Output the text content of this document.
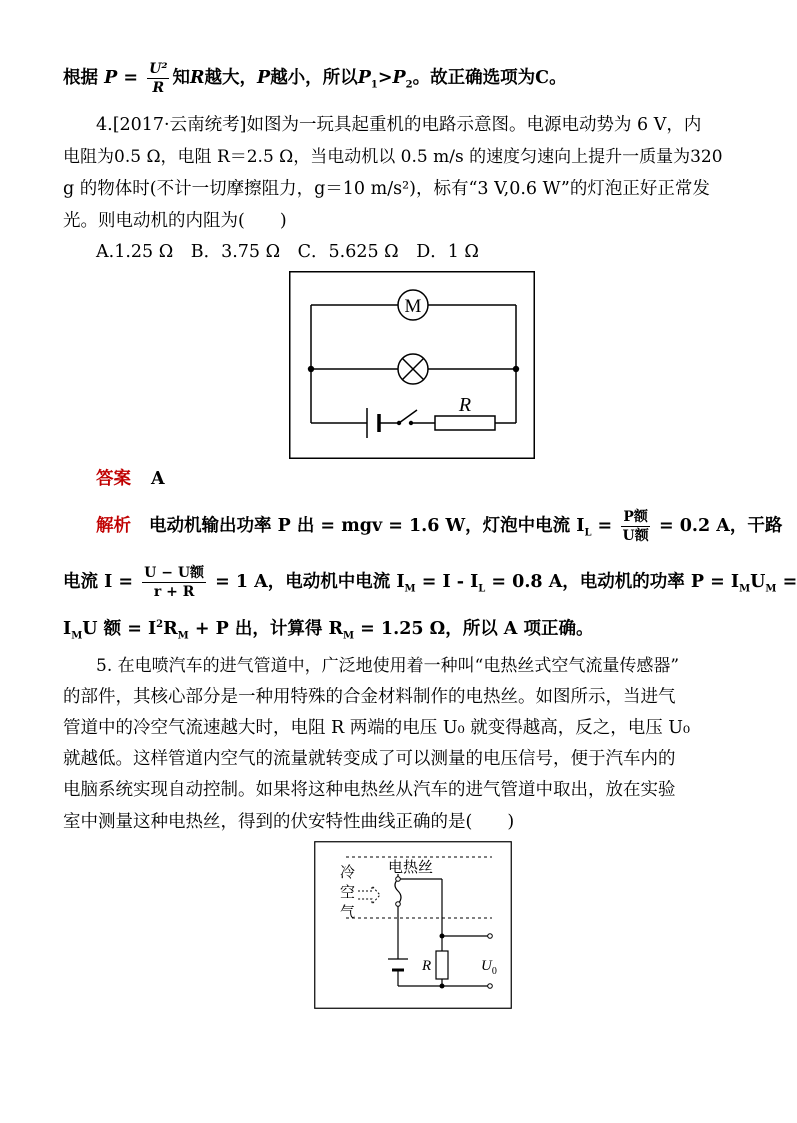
根据 $P = \frac{\text{U²}}{R}$ 知R越大，P越小，所以$P_1>P_2$。故正确选项为C。
4.[2017·云南统考]如图为一玩具起重机的电路示意图。电源电动势为 6 V，内
电阻为0.5 Ω，电阻 R＝2.5 Ω，当电动机以 0.5 m/s 的速度匀速向上提升一质量为320
g 的物体时(不计一切摩擦阻力，g＝10 m/s²)，标有“3 V,0.6 W”的灯泡正好正常发
光。则电动机的内阻为(　　)
A.1.25 Ω　B．3.75 Ω　C．5.625 Ω　D．1 Ω
M
R
答案 A
解析 电动机输出功率 P 出 = mgv = 1.6 W，灯泡中电流 $I_L = \frac{\text{P额}}{\text{U额}} = 0.2$ A，干路
电流 $I = \frac{\text{U − U额}}{r + R} = 1$ A，电动机中电流 $I_M = I - I_L = 0.8$ A，电动机的功率 $P = I_MU_M$ =
$I_MU$ 额 = $I^2R_M + P$ 出，计算得 $R_M = 1.25$ Ω，所以 A 项正确。
5. 在电喷汽车的进气管道中，广泛地使用着一种叫“电热丝式空气流量传感器”
的部件，其核心部分是一种用特殊的合金材料制作的电热丝。如图所示，当进气
管道中的冷空气流速越大时，电阻 R 两端的电压 U₀ 就变得越高，反之，电压 U₀
就越低。这样管道内空气的流量就转变成了可以测量的电压信号，便于汽车内的
电脑系统实现自动控制。如果将这种电热丝从汽车的进气管道中取出，放在实验
室中测量这种电热丝，得到的伏安特性曲线正确的是(　　)
冷
空
气
电热丝
R	$U_0$
